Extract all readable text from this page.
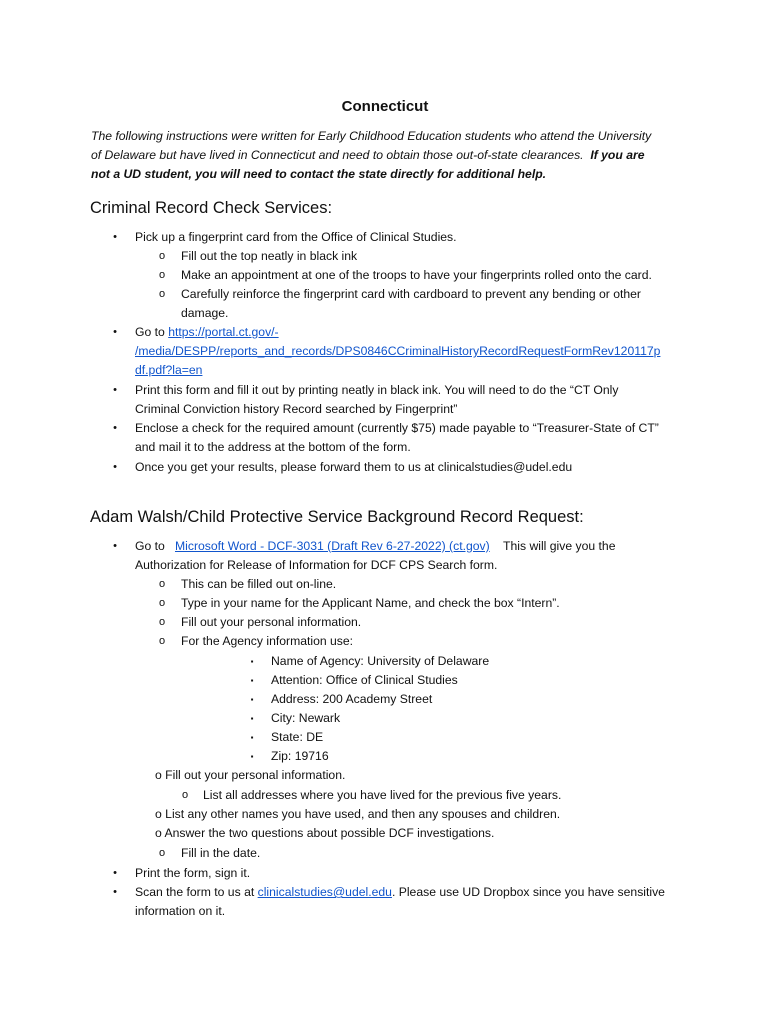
Connecticut
The following instructions were written for Early Childhood Education students who attend the University
of Delaware but have lived in Connecticut and need to obtain those out-of-state clearances. If you are
not a UD student, you will need to contact the state directly for additional help.
Criminal Record Check Services:
• Pick up a fingerprint card from the Office of Clinical Studies.
o Fill out the top neatly in black ink
o Make an appointment at one of the troops to have your fingerprints rolled onto the card.
o Carefully reinforce the fingerprint card with cardboard to prevent any bending or other
damage.
• Go to https://portal.ct.gov/-
/media/DESPP/reports_and_records/DPS0846CCriminalHistoryRecordRequestFormRev120117p
df.pdf?la=en
• Print this form and fill it out by printing neatly in black ink. You will need to do the “CT Only
Criminal Conviction history Record searched by Fingerprint”
• Enclose a check for the required amount (currently $75) made payable to “Treasurer-State of CT”
and mail it to the address at the bottom of the form.
• Once you get your results, please forward them to us at clinicalstudies@udel.edu
Adam Walsh/Child Protective Service Background Record Request:
• Go to Microsoft Word - DCF-3031 (Draft Rev 6-27-2022) (ct.gov) This will give you the
Authorization for Release of Information for DCF CPS Search form.
o This can be filled out on-line.
o Type in your name for the Applicant Name, and check the box “Intern”.
o Fill out your personal information.
o For the Agency information use:
▪ Name of Agency: University of Delaware
▪ Attention: Office of Clinical Studies
▪ Address: 200 Academy Street
▪ City: Newark
▪ State: DE
▪ Zip: 19716
o Fill out your personal information.
o List all addresses where you have lived for the previous five years.
o List any other names you have used, and then any spouses and children.
o Answer the two questions about possible DCF investigations.
o Fill in the date.
• Print the form, sign it.
• Scan the form to us at clinicalstudies@udel.edu. Please use UD Dropbox since you have sensitive
information on it.
